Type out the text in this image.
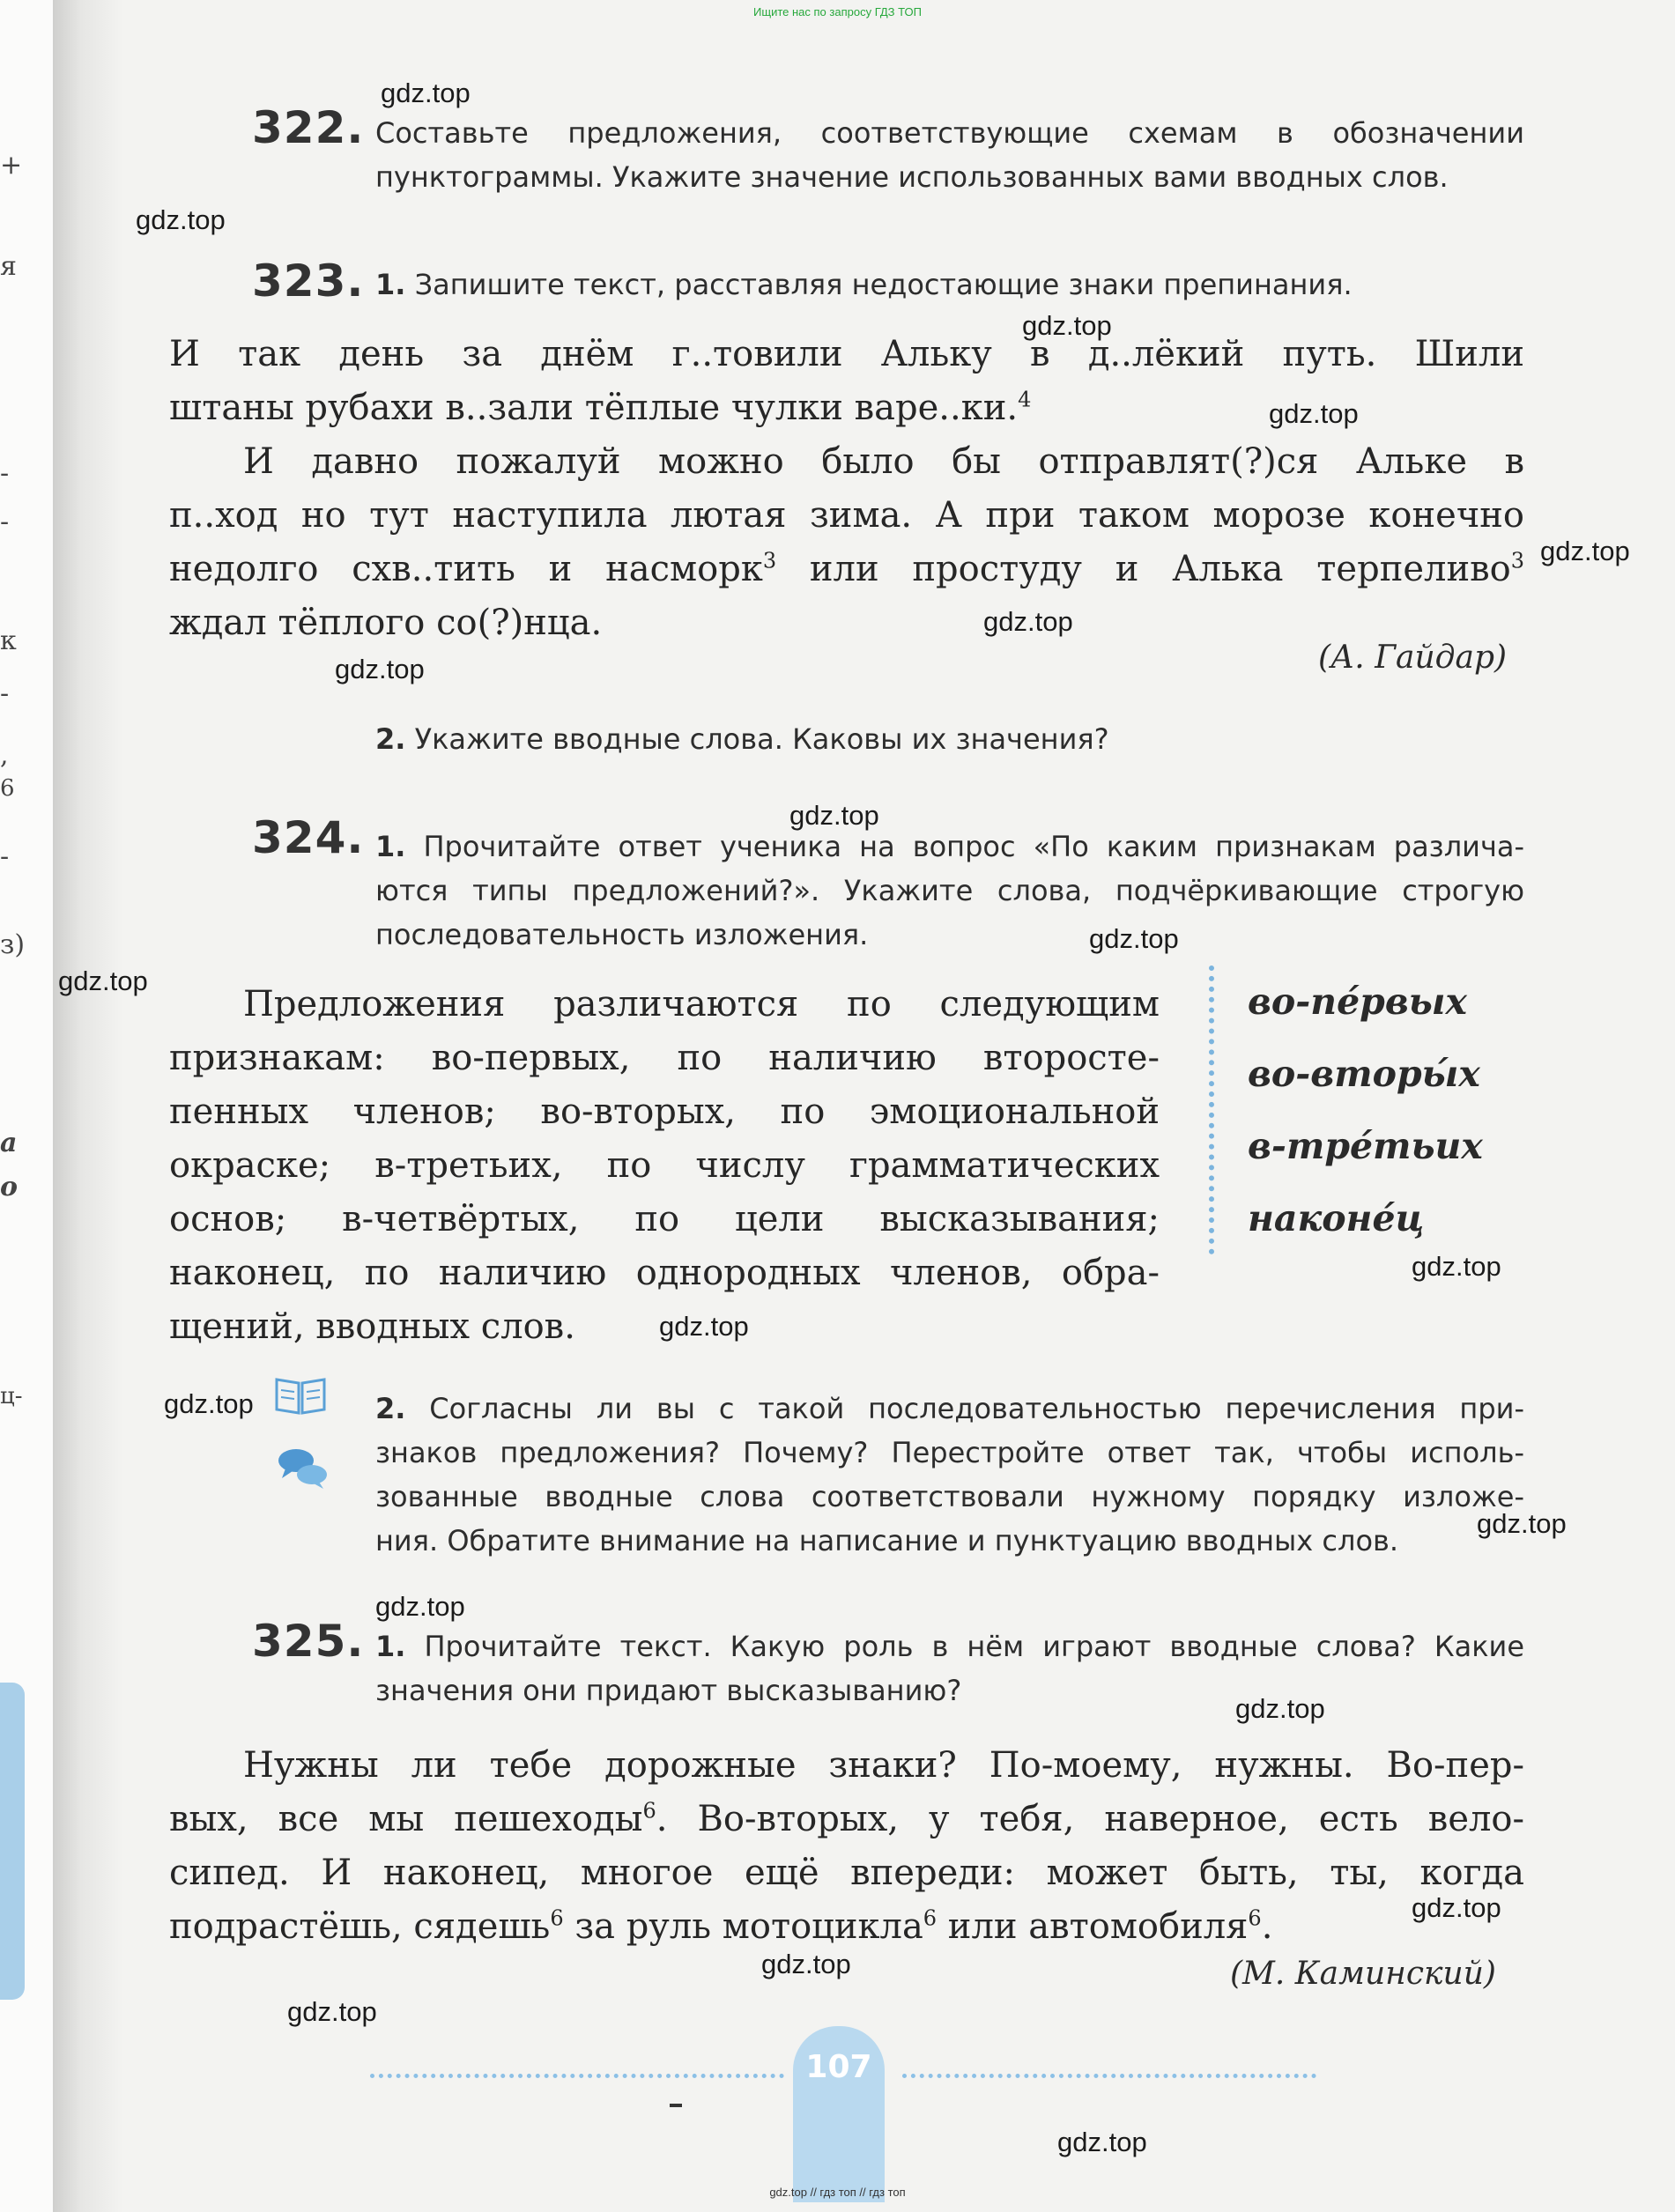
+
я
-
-
к
-
,
6
-
з)
а
о
ц-
Ищите нас по запросу ГДЗ ТОП
322. Составьте предложения, соответствующие схемам в обозначении
пунктограммы. Укажите значение использованных вами вводных слов.
323. 1. Запишите текст, расставляя недостающие знаки препинания.
И так день за днём г..товили Альку в д..лёкий путь. Шили
штаны рубахи в..зали тёплые чулки варе..ки.$^4$
И давно пожалуй можно было бы отправлят(?)ся Альке в
п..ход но тут наступила лютая зима. А при таком морозе конечно
недолго схв..тить и насморк$^3$ или простуду и Алька терпеливо$^3$
ждал тёплого со(?)нца.
(А. Гайдар)
2. Укажите вводные слова. Каковы их значения?
324. 1. Прочитайте ответ ученика на вопрос «По каким признакам различа-
ются типы предложений?». Укажите слова, подчёркивающие строгую
последовательность изложения.
Предложения различаются по следующим
признакам: во-первых, по наличию второсте-
пенных членов; во-вторых, по эмоциональной
окраске; в-третьих, по числу грамматических
основ; в-четвёртых, по цели высказывания;
наконец, по наличию однородных членов, обра-
щений, вводных слов.
во-пе́рвых
во-вторы́х
в-тре́тьих
наконе́ц
2. Согласны ли вы с такой последовательностью перечисления при-
знаков предложения? Почему? Перестройте ответ так, чтобы исполь-
зованные вводные слова соответствовали нужному порядку изложе-
ния. Обратите внимание на написание и пунктуацию вводных слов.
325. 1. Прочитайте текст. Какую роль в нём играют вводные слова? Какие
значения они придают высказыванию?
Нужны ли тебе дорожные знаки? По-моему, нужны. Во-пер-
вых, все мы пешеходы$^6$. Во-вторых, у тебя, наверное, есть вело-
сипед. И наконец, многое ещё впереди: может быть, ты, когда
подрастёшь, сядешь$^6$ за руль мотоцикла$^6$ или автомобиля$^6$.
(М. Каминский)
107
gdz.top
gdz.top
gdz.top
gdz.top
gdz.top
gdz.top
gdz.top
gdz.top
gdz.top
gdz.top
gdz.top
gdz.top
gdz.top
gdz.top
gdz.top
gdz.top
gdz.top
gdz.top
gdz.top
gdz.top
gdz.top // гдз топ // гдз топ
